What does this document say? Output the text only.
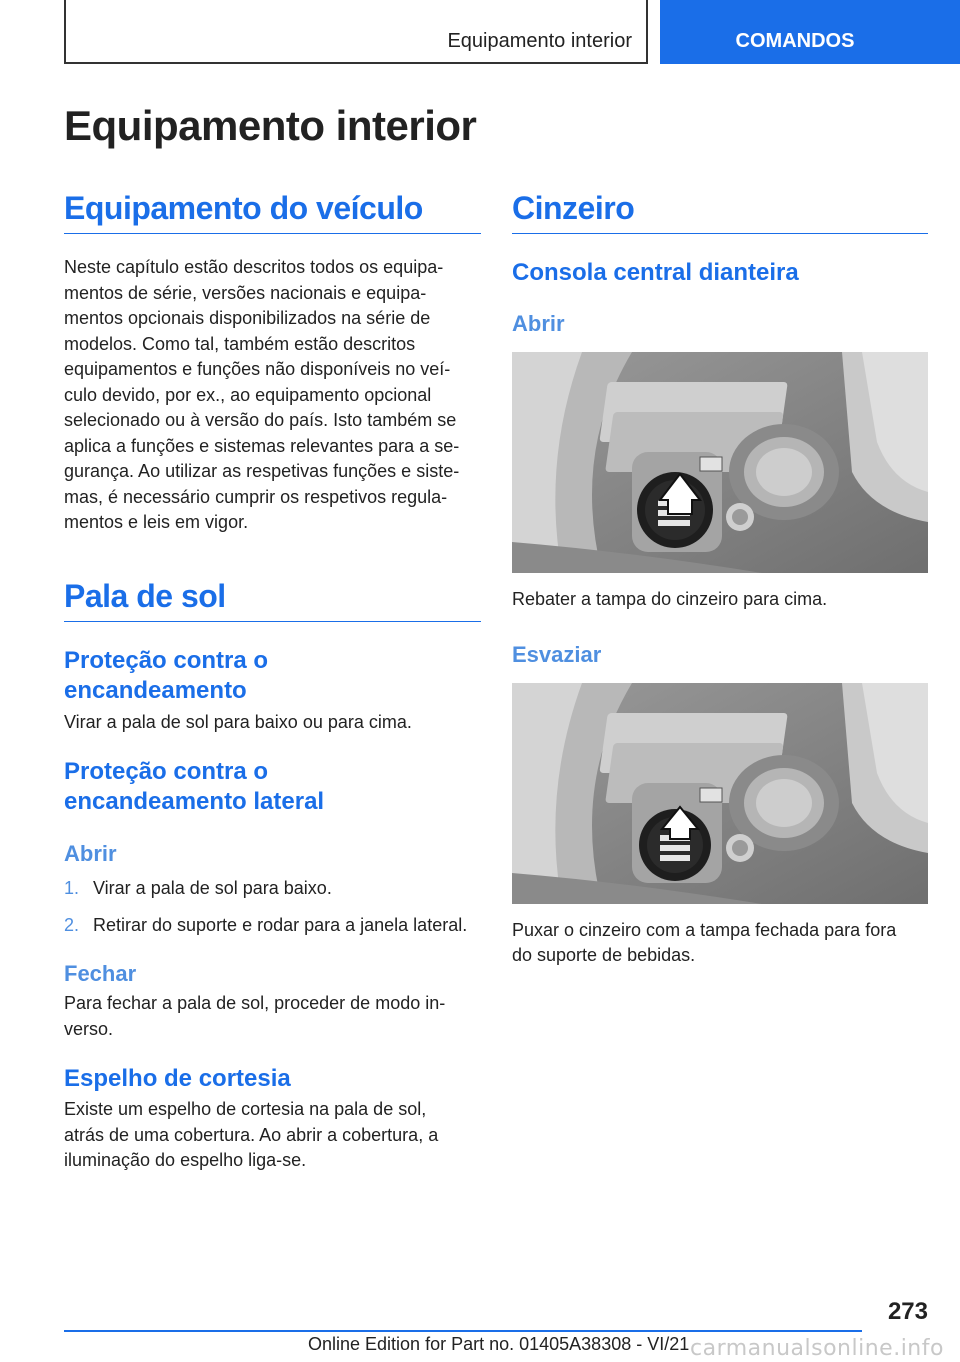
Equipamento interior	COMANDOS
Equipamento interior
Equipamento do veículo

Neste capítulo estão descritos todos os equipa‐
mentos de série, versões nacionais e equipa‐
mentos opcionais disponibilizados na série de
modelos. Como tal, também estão descritos
equipamentos e funções não disponíveis no veí‐
culo devido, por ex., ao equipamento opcional
selecionado ou à versão do país. Isto também se
aplica a funções e sistemas relevantes para a se‐
gurança. Ao utilizar as respetivas funções e siste‐
mas, é necessário cumprir os respetivos regula‐
mentos e leis em vigor.

Pala de sol
Proteção contra o
encandeamento

Virar a pala de sol para baixo ou para cima.

Proteção contra o
encandeamento lateral
Abrir
1. Virar a pala de sol para baixo.
2. Retirar do suporte e rodar para a janela lateral.
Fechar

Para fechar a pala de sol, proceder de modo in‐
verso.

Espelho de cortesia

Existe um espelho de cortesia na pala de sol,
atrás de uma cobertura. Ao abrir a cobertura, a
iluminação do espelho liga-se.

Cinzeiro
Consola central dianteira
Abrir

Rebater a tampa do cinzeiro para cima.

Esvaziar

Puxar o cinzeiro com a tampa fechada para fora
do suporte de bebidas.

273
Online Edition for Part no. 01405A38308 - VI/21 carmanualsonline.info
